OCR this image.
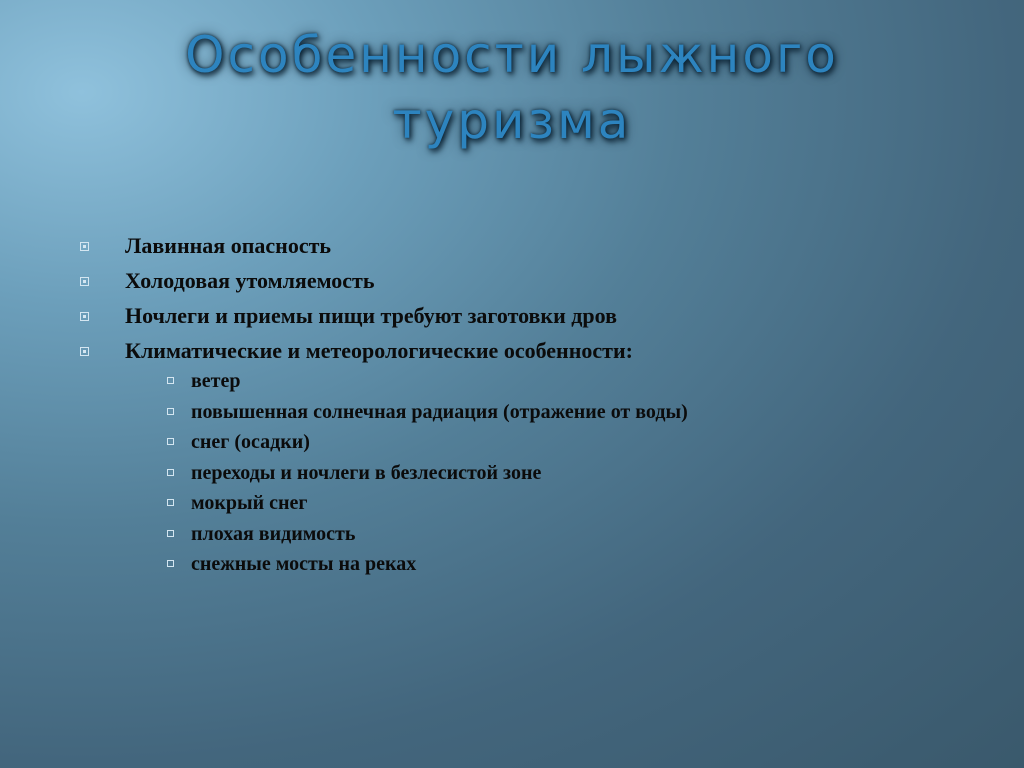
Особенности лыжного
туризма
Лавинная опасность
Холодовая утомляемость
Ночлеги и приемы пищи требуют заготовки дров
Климатические и метеорологические особенности:
ветер
повышенная солнечная радиация (отражение от воды)
снег (осадки)
переходы и ночлеги в безлесистой зоне
мокрый снег
плохая видимость
снежные мосты на реках
